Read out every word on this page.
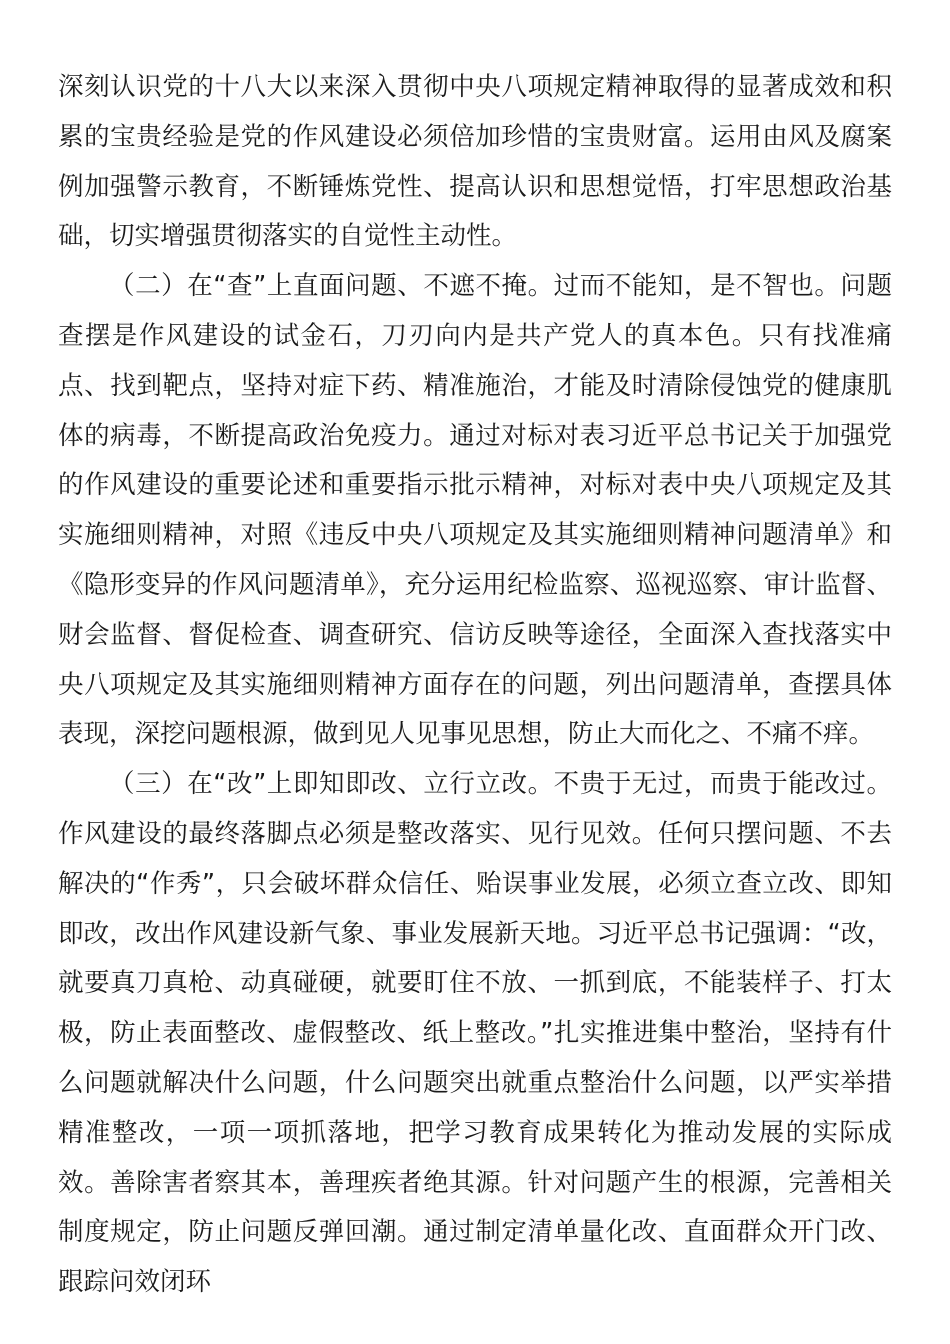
深刻认识党的十八大以来深入贯彻中央八项规定精神取得的显著成效和积累的宝贵经验是党的作风建设必须倍加珍惜的宝贵财富。运用由风及腐案例加强警示教育，不断锤炼党性、提高认识和思想觉悟，打牢思想政治基础，切实增强贯彻落实的自觉性主动性。

（二）在“查”上直面问题、不遮不掩。过而不能知，是不智也。问题查摆是作风建设的试金石，刀刃向内是共产党人的真本色。只有找准痛点、找到靶点，坚持对症下药、精准施治，才能及时清除侵蚀党的健康肌体的病毒，不断提高政治免疫力。通过对标对表习近平总书记关于加强党的作风建设的重要论述和重要指示批示精神，对标对表中央八项规定及其实施细则精神，对照《违反中央八项规定及其实施细则精神问题清单》和《隐形变异的作风问题清单》，充分运用纪检监察、巡视巡察、审计监督、财会监督、督促检查、调查研究、信访反映等途径，全面深入查找落实中央八项规定及其实施细则精神方面存在的问题，列出问题清单，查摆具体表现，深挖问题根源，做到见人见事见思想，防止大而化之、不痛不痒。

（三）在“改”上即知即改、立行立改。不贵于无过，而贵于能改过。作风建设的最终落脚点必须是整改落实、见行见效。任何只摆问题、不去解决的“作秀”，只会破坏群众信任、贻误事业发展，必须立查立改、即知即改，改出作风建设新气象、事业发展新天地。习近平总书记强调：“改，就要真刀真枪、动真碰硬，就要盯住不放、一抓到底，不能装样子、打太极，防止表面整改、虚假整改、纸上整改。”扎实推进集中整治，坚持有什么问题就解决什么问题，什么问题突出就重点整治什么问题，以严实举措精准整改，一项一项抓落地，把学习教育成果转化为推动发展的实际成效。善除害者察其本，善理疾者绝其源。针对问题产生的根源，完善相关制度规定，防止问题反弹回潮。通过制定清单量化改、直面群众开门改、跟踪问效闭环
